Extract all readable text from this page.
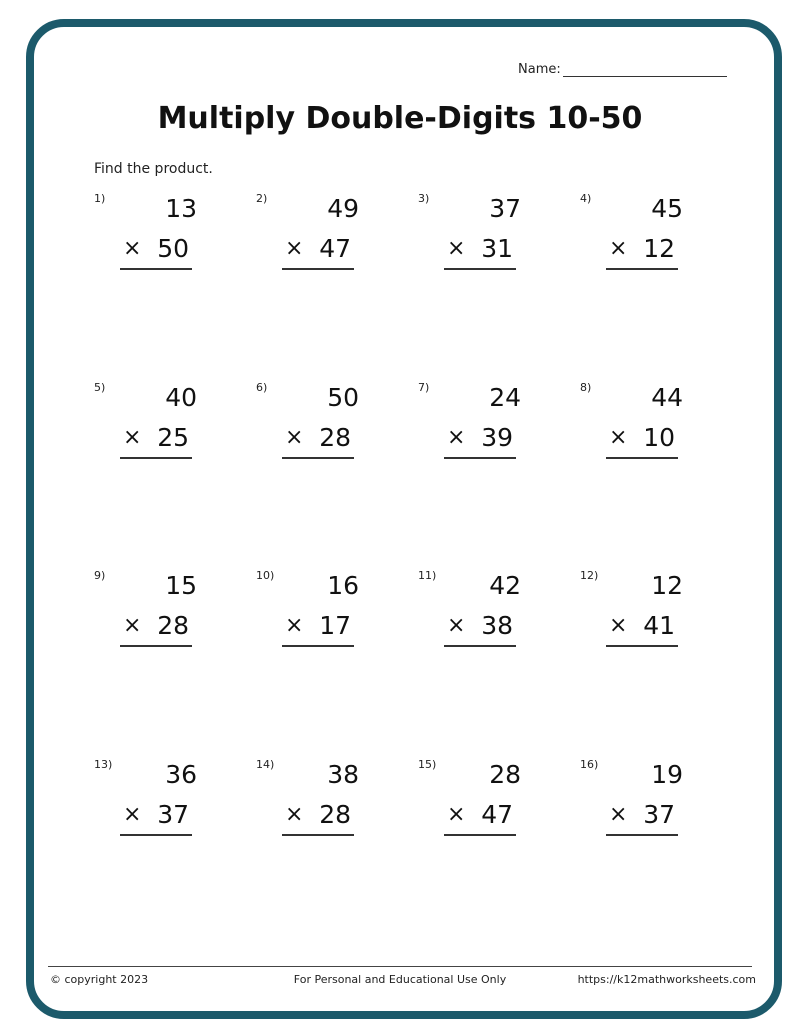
Name:
Multiply Double-Digits 10-50
Find the product.
1) 13
× 50
2) 49
× 47
3) 37
× 31
4) 45
× 12
5) 40
× 25
6) 50
× 28
7) 24
× 39
8) 44
× 10
9) 15
× 28
10) 16
× 17
11) 42
× 38
12) 12
× 41
13) 36
× 37
14) 38
× 28
15) 28
× 47
16) 19
× 37
© copyright 2023	For Personal and Educational Use Only	https://k12mathworksheets.com
